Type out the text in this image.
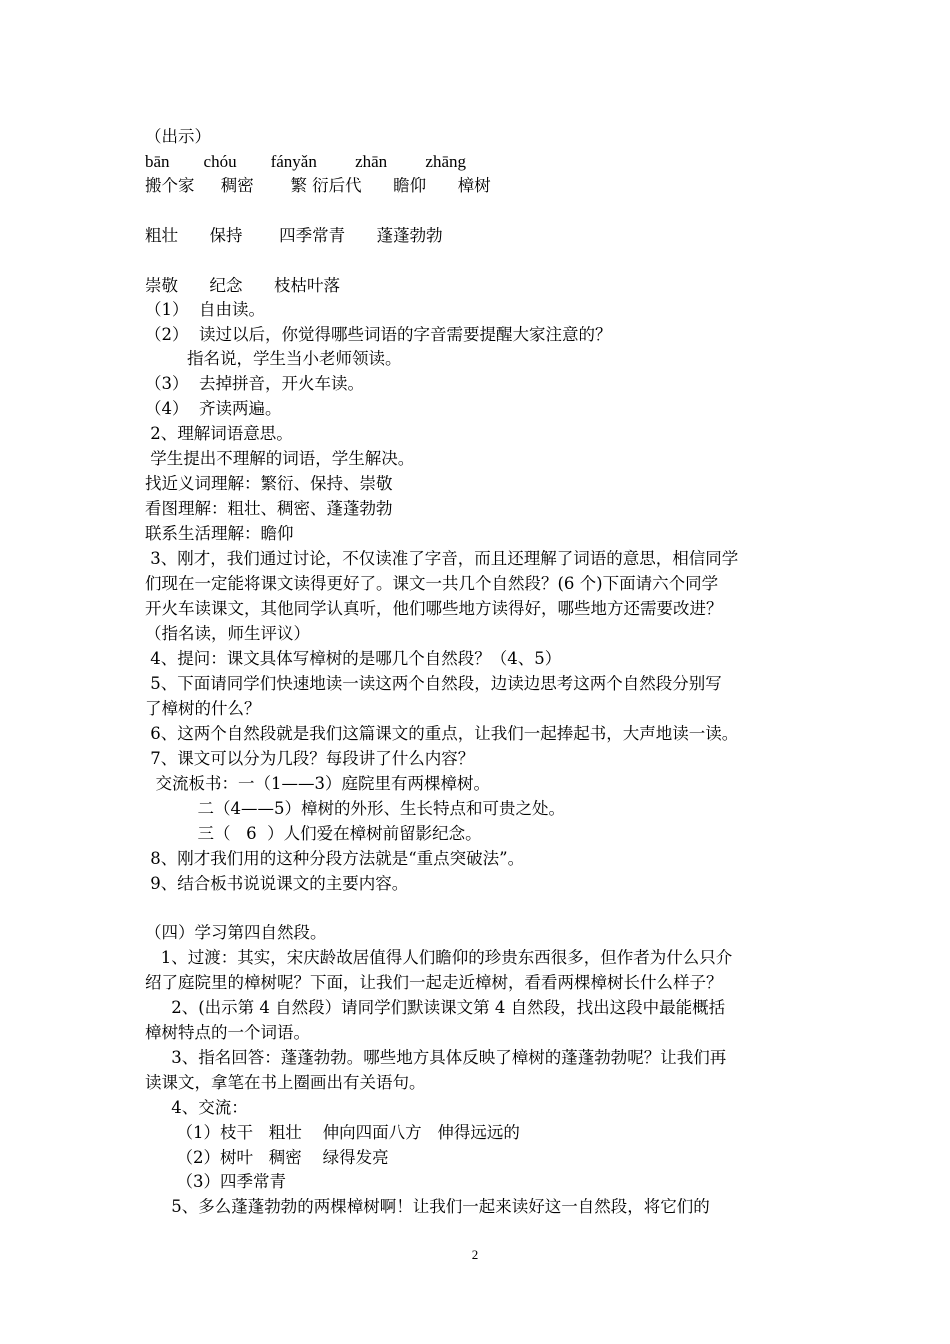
（出示）

bān        chóu        fányǎn         zhān         zhāng

搬个家     稠密       繁 衍后代      瞻仰      樟树

粗壮      保持       四季常青      蓬蓬勃勃

崇敬      纪念      枝枯叶落

（1）  自由读。

（2）  读过以后，你觉得哪些词语的字音需要提醒大家注意的？

指名说，学生当小老师领读。

（3）  去掉拼音，开火车读。

（4）  齐读两遍。

2、理解词语意思。

学生提出不理解的词语，学生解决。

找近义词理解：繁衍、保持、崇敬

看图理解：粗壮、稠密、蓬蓬勃勃

联系生活理解：瞻仰

3、刚才，我们通过讨论，不仅读准了字音，而且还理解了词语的意思，相信同学

们现在一定能将课文读得更好了。课文一共几个自然段？(6 个)下面请六个同学

开火车读课文，其他同学认真听，他们哪些地方读得好，哪些地方还需要改进？

（指名读，师生评议）

4、提问：课文具体写樟树的是哪几个自然段？（4、5）

5、下面请同学们快速地读一读这两个自然段，边读边思考这两个自然段分别写

了樟树的什么？

6、这两个自然段就是我们这篇课文的重点，让我们一起捧起书，大声地读一读。

7、课文可以分为几段？每段讲了什么内容？

交流板书：一（1——3）庭院里有两棵樟树。

二（4——5）樟树的外形、生长特点和可贵之处。

三（   6  ）人们爱在樟树前留影纪念。

8、刚才我们用的这种分段方法就是“重点突破法”。

9、结合板书说说课文的主要内容。

（四）学习第四自然段。

1、过渡：其实，宋庆龄故居值得人们瞻仰的珍贵东西很多，但作者为什么只介

绍了庭院里的樟树呢？下面，让我们一起走近樟树，看看两棵樟树长什么样子？

2、(出示第 4 自然段）请同学们默读课文第 4 自然段，找出这段中最能概括

樟树特点的一个词语。

3、指名回答：蓬蓬勃勃。哪些地方具体反映了樟树的蓬蓬勃勃呢？让我们再

读课文，拿笔在书上圈画出有关语句。

4、交流：

（1）枝干   粗壮    伸向四面八方   伸得远远的

（2）树叶   稠密    绿得发亮

（3）四季常青

5、多么蓬蓬勃勃的两棵樟树啊！让我们一起来读好这一自然段，将它们的

2
